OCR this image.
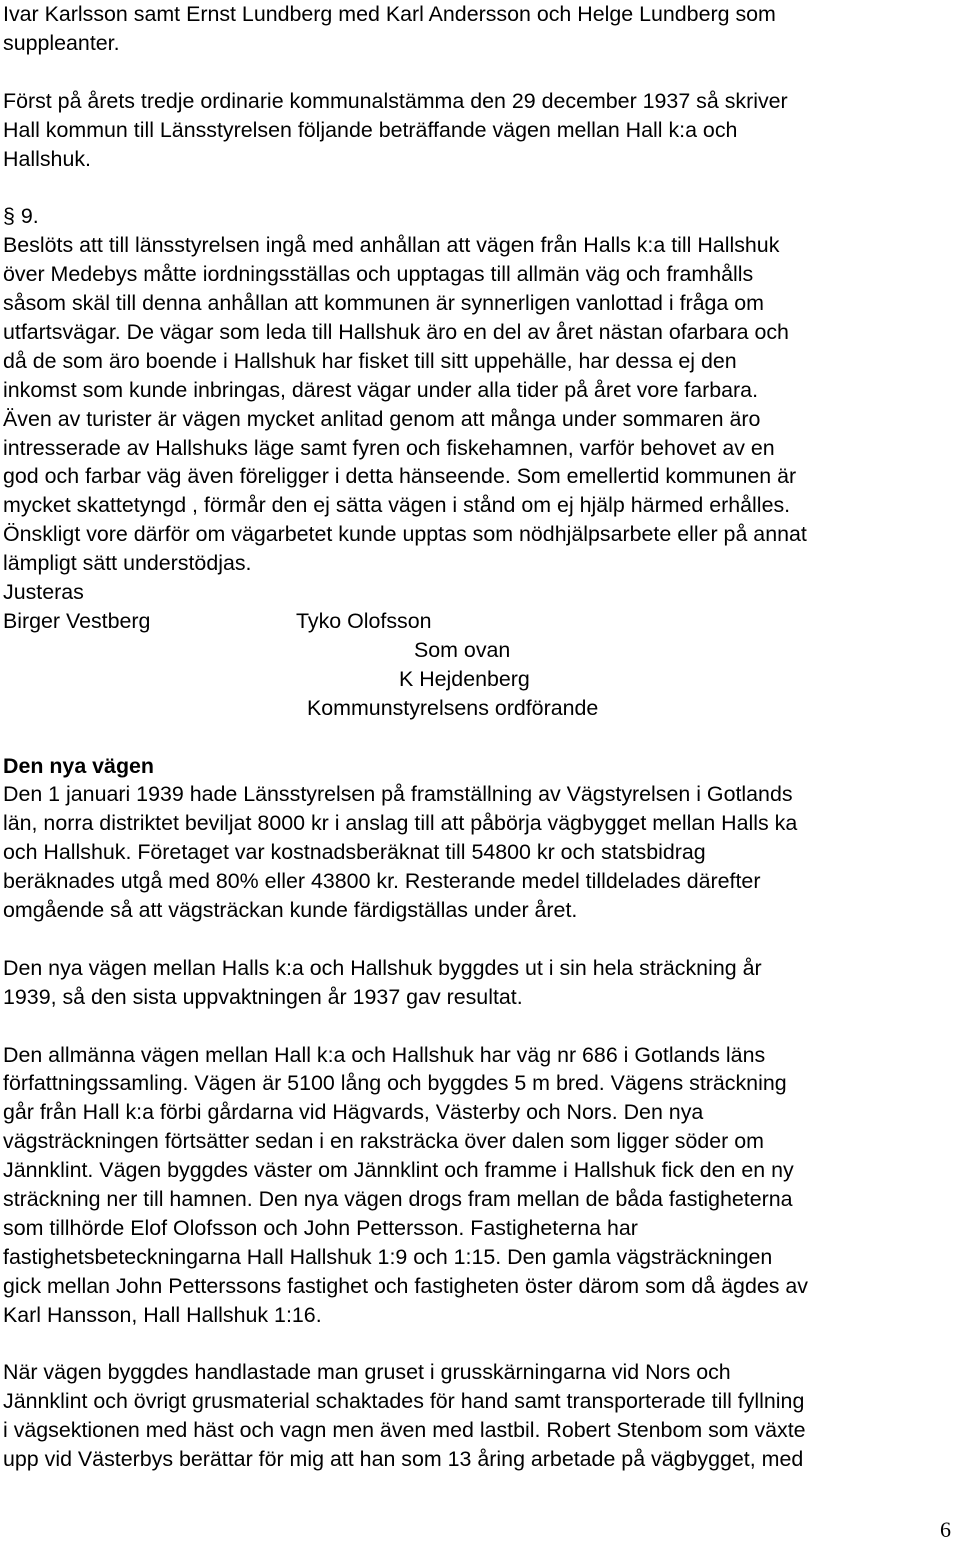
Ivar Karlsson samt Ernst Lundberg med Karl Andersson och Helge Lundberg som
suppleanter.
Först på årets tredje ordinarie kommunalstämma den 29 december 1937 så skriver
Hall kommun till Länsstyrelsen följande beträffande vägen mellan Hall k:a och
Hallshuk.
§ 9.
Beslöts att till länsstyrelsen ingå med anhållan att vägen från Halls k:a till Hallshuk
över Medebys måtte iordningsställas och upptagas till allmän väg och framhålls
såsom skäl till denna anhållan att kommunen är synnerligen vanlottad i fråga om
utfartsvägar. De vägar som leda till Hallshuk äro en del av året nästan ofarbara och
då de som äro boende i Hallshuk har fisket till sitt uppehälle, har dessa ej den
inkomst som kunde inbringas, därest vägar under alla tider på året vore farbara.
Även av turister är vägen mycket anlitad genom att många under sommaren äro
intresserade av Hallshuks läge samt fyren och fiskehamnen, varför behovet av en
god och farbar väg även föreligger i detta hänseende. Som emellertid kommunen är
mycket skattetyngd , förmår den ej sätta vägen i stånd om ej hjälp härmed erhålles.
Önskligt vore därför om vägarbetet kunde upptas som nödhjälpsarbete eller på annat
lämpligt sätt understödjas.
Justeras
Birger Vestberg	Tyko Olofsson
Som ovan
K Hejdenberg
Kommunstyrelsens ordförande
Den nya vägen
Den 1 januari 1939 hade Länsstyrelsen på framställning av Vägstyrelsen i Gotlands
län, norra distriktet beviljat 8000 kr i anslag till att påbörja vägbygget mellan Halls ka
och Hallshuk. Företaget var kostnadsberäknat till 54800 kr och statsbidrag
beräknades utgå med 80% eller 43800 kr. Resterande medel tilldelades därefter
omgående så att vägsträckan kunde färdigställas under året.
Den nya vägen mellan Halls k:a och Hallshuk byggdes ut i sin hela sträckning år
1939, så den sista uppvaktningen år 1937 gav resultat.
Den allmänna vägen mellan Hall k:a och Hallshuk har väg nr 686 i Gotlands läns
författningssamling. Vägen är 5100 lång och byggdes 5 m bred. Vägens sträckning
går från Hall k:a förbi gårdarna vid Hägvards, Västerby och Nors. Den nya
vägsträckningen förtsätter sedan i en raksträcka över dalen som ligger söder om
Jännklint. Vägen byggdes väster om Jännklint och framme i Hallshuk fick den en ny
sträckning ner till hamnen. Den nya vägen drogs fram mellan de båda fastigheterna
som tillhörde Elof Olofsson och John Pettersson. Fastigheterna har
fastighetsbeteckningarna Hall Hallshuk 1:9 och 1:15. Den gamla vägsträckningen
gick mellan John Petterssons fastighet och fastigheten öster därom som då ägdes av
Karl Hansson, Hall Hallshuk 1:16.
När vägen byggdes handlastade man gruset i grusskärningarna vid Nors och
Jännklint och övrigt grusmaterial schaktades för hand samt transporterade till fyllning
i vägsektionen med häst och vagn men även med lastbil. Robert Stenbom som växte
upp vid Västerbys berättar för mig att han som 13 åring arbetade på vägbygget, med
6
